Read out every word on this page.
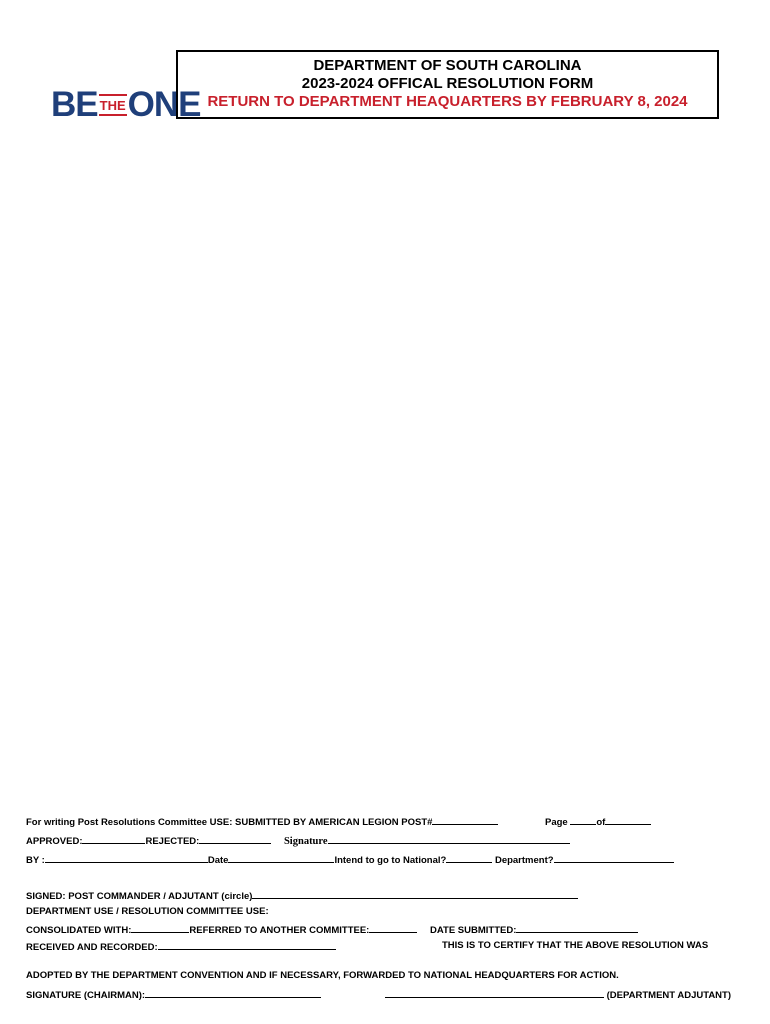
BE THE ONE
DEPARTMENT OF SOUTH CAROLINA
2023-2024 OFFICAL RESOLUTION FORM
RETURN TO DEPARTMENT HEAQUARTERS BY FEBRUARY 8, 2024
For writing Post Resolutions Committee USE: SUBMITTED BY AMERICAN LEGION POST#	Page	of
APPROVED:	REJECTED:	Signature
BY :	Date	Intend to go to National?	Department?
SIGNED: POST COMMANDER / ADJUTANT (circle)
DEPARTMENT USE / RESOLUTION COMMITTEE USE:
CONSOLIDATED WITH:	REFERRED TO ANOTHER COMMITTEE:	DATE SUBMITTED:
RECEIVED AND RECORDED:	THIS IS TO CERTIFY THAT THE ABOVE RESOLUTION WAS
ADOPTED BY THE DEPARTMENT CONVENTION AND IF NECESSARY, FORWARDED TO NATIONAL HEADQUARTERS FOR ACTION.
SIGNATURE (CHAIRMAN):	(DEPARTMENT ADJUTANT)
